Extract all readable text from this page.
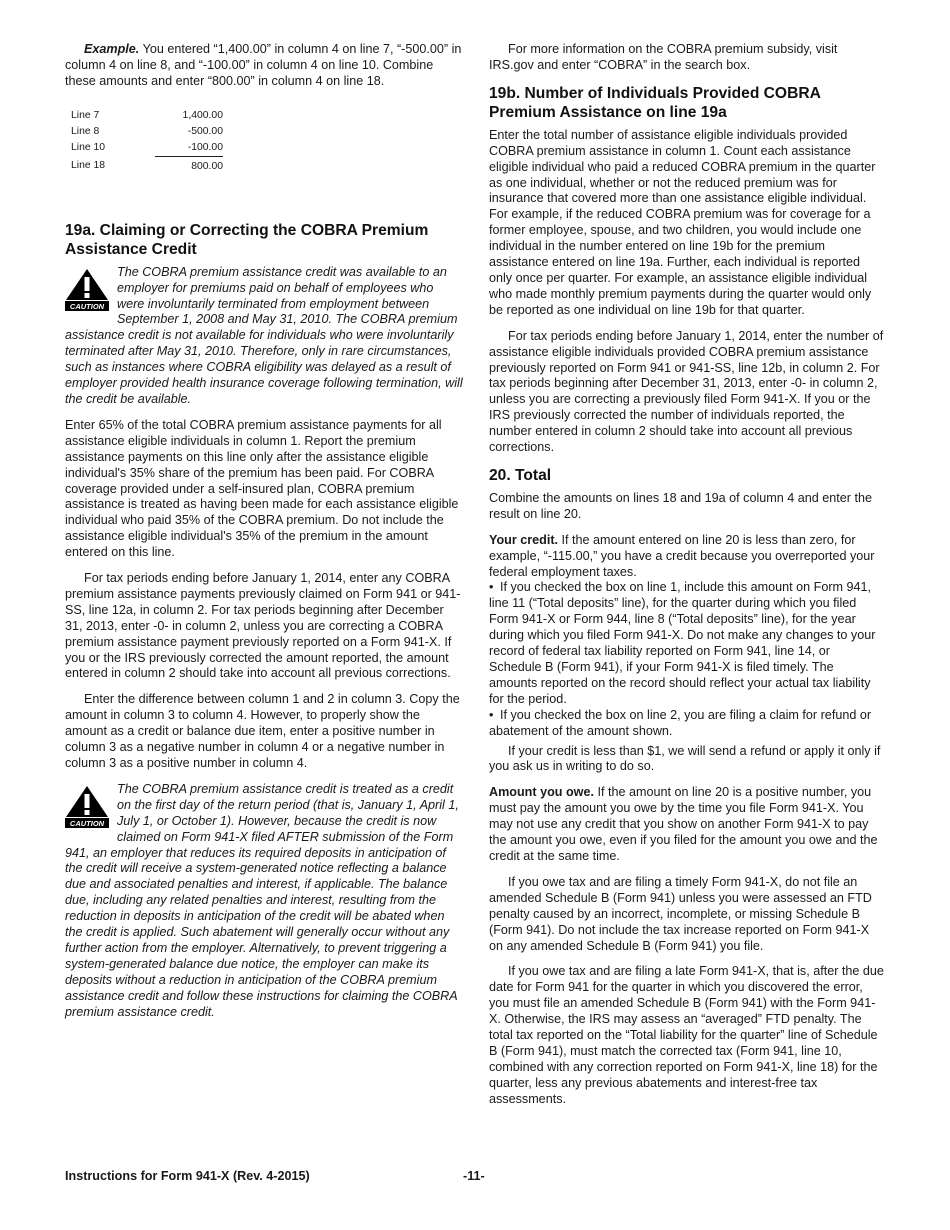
Example. You entered “1,400.00” in column 4 on line 7, “-500.00” in column 4 on line 8, and “-100.00” in column 4 on line 10. Combine these amounts and enter “800.00” in column 4 on line 18.

Line 7	1,400.00
Line 8	-500.00
Line 10	-100.00
Line 18	800.00
19a. Claiming or Correcting the COBRA Premium Assistance Credit
CAUTION
The COBRA premium assistance credit was available to an employer for premiums paid on behalf of employees who were involuntarily terminated from employment between September 1, 2008 and May 31, 2010. The COBRA premium assistance credit is not available for individuals who were involuntarily terminated after May 31, 2010. Therefore, only in rare circumstances, such as instances where COBRA eligibility was delayed as a result of employer provided health insurance coverage following termination, will the credit be available.

Enter 65% of the total COBRA premium assistance payments for all assistance eligible individuals in column 1. Report the premium assistance payments on this line only after the assistance eligible individual's 35% share of the premium has been paid. For COBRA coverage provided under a self-insured plan, COBRA premium assistance is treated as having been made for each assistance eligible individual who paid 35% of the COBRA premium. Do not include the assistance eligible individual's 35% of the premium in the amount entered on this line.

For tax periods ending before January 1, 2014, enter any COBRA premium assistance payments previously claimed on Form 941 or 941-SS, line 12a, in column 2. For tax periods beginning after December 31, 2013, enter -0- in column 2, unless you are correcting a COBRA premium assistance payment previously reported on a Form 941-X. If you or the IRS previously corrected the amount reported, the amount entered in column 2 should take into account all previous corrections.

Enter the difference between column 1 and 2 in column 3. Copy the amount in column 3 to column 4. However, to properly show the amount as a credit or balance due item, enter a positive number in column 3 as a negative number in column 4 or a negative number in column 3 as a positive number in column 4.

CAUTION
The COBRA premium assistance credit is treated as a credit on the first day of the return period (that is, January 1, April 1, July 1, or October 1). However, because the credit is now claimed on Form 941-X filed AFTER submission of the Form 941, an employer that reduces its required deposits in anticipation of the credit will receive a system-generated notice reflecting a balance due and associated penalties and interest, if applicable. The balance due, including any related penalties and interest, resulting from the reduction in deposits in anticipation of the credit will be abated when the credit is applied. Such abatement will generally occur without any further action from the employer. Alternatively, to prevent triggering a system-generated balance due notice, the employer can make its deposits without a reduction in anticipation of the COBRA premium assistance credit and follow these instructions for claiming the COBRA premium assistance credit.

For more information on the COBRA premium subsidy, visit IRS.gov and enter “COBRA” in the search box.

19b. Number of Individuals Provided COBRA Premium Assistance on line 19a

Enter the total number of assistance eligible individuals provided COBRA premium assistance in column 1. Count each assistance eligible individual who paid a reduced COBRA premium in the quarter as one individual, whether or not the reduced premium was for insurance that covered more than one assistance eligible individual. For example, if the reduced COBRA premium was for coverage for a former employee, spouse, and two children, you would include one individual in the number entered on line 19b for the premium assistance entered on line 19a. Further, each individual is reported only once per quarter. For example, an assistance eligible individual who made monthly premium payments during the quarter would only be reported as one individual on line 19b for that quarter.

For tax periods ending before January 1, 2014, enter the number of assistance eligible individuals provided COBRA premium assistance previously reported on Form 941 or 941-SS, line 12b, in column 2. For tax periods beginning after December 31, 2013, enter -0- in column 2, unless you are correcting a previously filed Form 941-X. If you or the IRS previously corrected the number of individuals reported, the number entered in column 2 should take into account all previous corrections.

20. Total

Combine the amounts on lines 18 and 19a of column 4 and enter the result on line 20.

Your credit. If the amount entered on line 20 is less than zero, for example, “-115.00,” you have a credit because you overreported your federal employment taxes.
• If you checked the box on line 1, include this amount on Form 941, line 11 (“Total deposits” line), for the quarter during which you filed Form 941-X or Form 944, line 8 (“Total deposits” line), for the year during which you filed Form 941-X. Do not make any changes to your record of federal tax liability reported on Form 941, line 14, or Schedule B (Form 941), if your Form 941-X is filed timely. The amounts reported on the record should reflect your actual tax liability for the period.
• If you checked the box on line 2, you are filing a claim for refund or abatement of the amount shown.

If your credit is less than $1, we will send a refund or apply it only if you ask us in writing to do so.

Amount you owe. If the amount on line 20 is a positive number, you must pay the amount you owe by the time you file Form 941-X. You may not use any credit that you show on another Form 941-X to pay the amount you owe, even if you filed for the amount you owe and the credit at the same time.

If you owe tax and are filing a timely Form 941-X, do not file an amended Schedule B (Form 941) unless you were assessed an FTD penalty caused by an incorrect, incomplete, or missing Schedule B (Form 941). Do not include the tax increase reported on Form 941-X on any amended Schedule B (Form 941) you file.

If you owe tax and are filing a late Form 941-X, that is, after the due date for Form 941 for the quarter in which you discovered the error, you must file an amended Schedule B (Form 941) with the Form 941-X. Otherwise, the IRS may assess an “averaged” FTD penalty. The total tax reported on the “Total liability for the quarter” line of Schedule B (Form 941), must match the corrected tax (Form 941, line 10, combined with any correction reported on Form 941-X, line 18) for the quarter, less any previous abatements and interest-free tax assessments.

Instructions for Form 941-X (Rev. 4-2015)	-11-
